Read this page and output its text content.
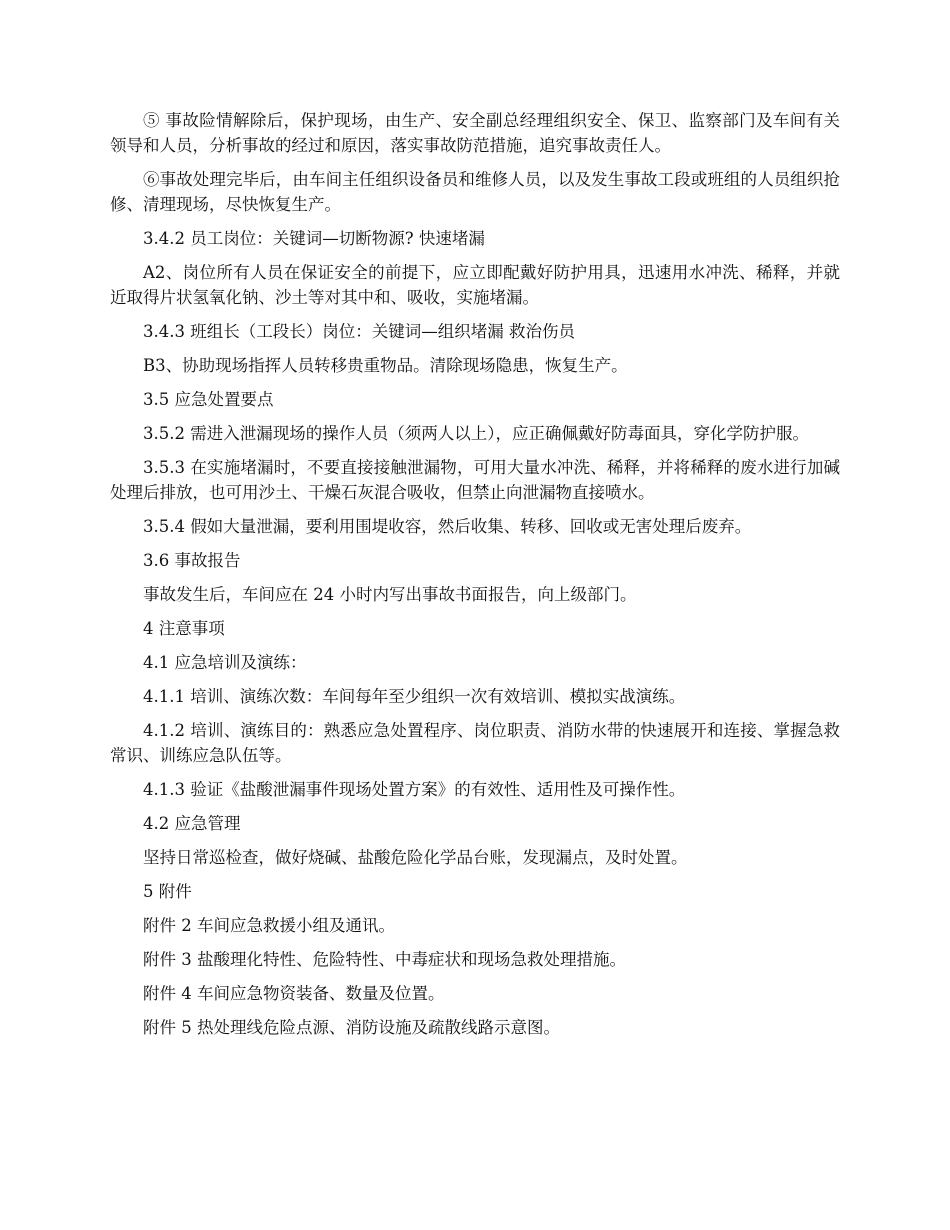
⑤ 事故险情解除后，保护现场，由生产、安全副总经理组织安全、保卫、监察部门及车间有关领导和人员，分析事故的经过和原因，落实事故防范措施，追究事故责任人。

⑥事故处理完毕后，由车间主任组织设备员和维修人员，以及发生事故工段或班组的人员组织抢修、清理现场，尽快恢复生产。

3.4.2 员工岗位：关键词—切断物源? 快速堵漏

A2、岗位所有人员在保证安全的前提下，应立即配戴好防护用具，迅速用水冲洗、稀释，并就近取得片状氢氧化钠、沙土等对其中和、吸收，实施堵漏。

3.4.3 班组长（工段长）岗位：关键词—组织堵漏 救治伤员

B3、协助现场指挥人员转移贵重物品。清除现场隐患，恢复生产。

3.5 应急处置要点

3.5.2 需进入泄漏现场的操作人员（须两人以上），应正确佩戴好防毒面具，穿化学防护服。

3.5.3 在实施堵漏时，不要直接接触泄漏物，可用大量水冲洗、稀释，并将稀释的废水进行加碱处理后排放，也可用沙土、干燥石灰混合吸收，但禁止向泄漏物直接喷水。

3.5.4 假如大量泄漏，要利用围堤收容，然后收集、转移、回收或无害处理后废弃。

3.6 事故报告

事故发生后，车间应在 24 小时内写出事故书面报告，向上级部门。

4 注意事项

4.1 应急培训及演练：

4.1.1 培训、演练次数：车间每年至少组织一次有效培训、模拟实战演练。

4.1.2 培训、演练目的：熟悉应急处置程序、岗位职责、消防水带的快速展开和连接、掌握急救常识、训练应急队伍等。

4.1.3 验证《盐酸泄漏事件现场处置方案》的有效性、适用性及可操作性。

4.2 应急管理

坚持日常巡检查，做好烧碱、盐酸危险化学品台账，发现漏点，及时处置。

5 附件

附件 2 车间应急救援小组及通讯。

附件 3 盐酸理化特性、危险特性、中毒症状和现场急救处理措施。

附件 4 车间应急物资装备、数量及位置。

附件 5 热处理线危险点源、消防设施及疏散线路示意图。
